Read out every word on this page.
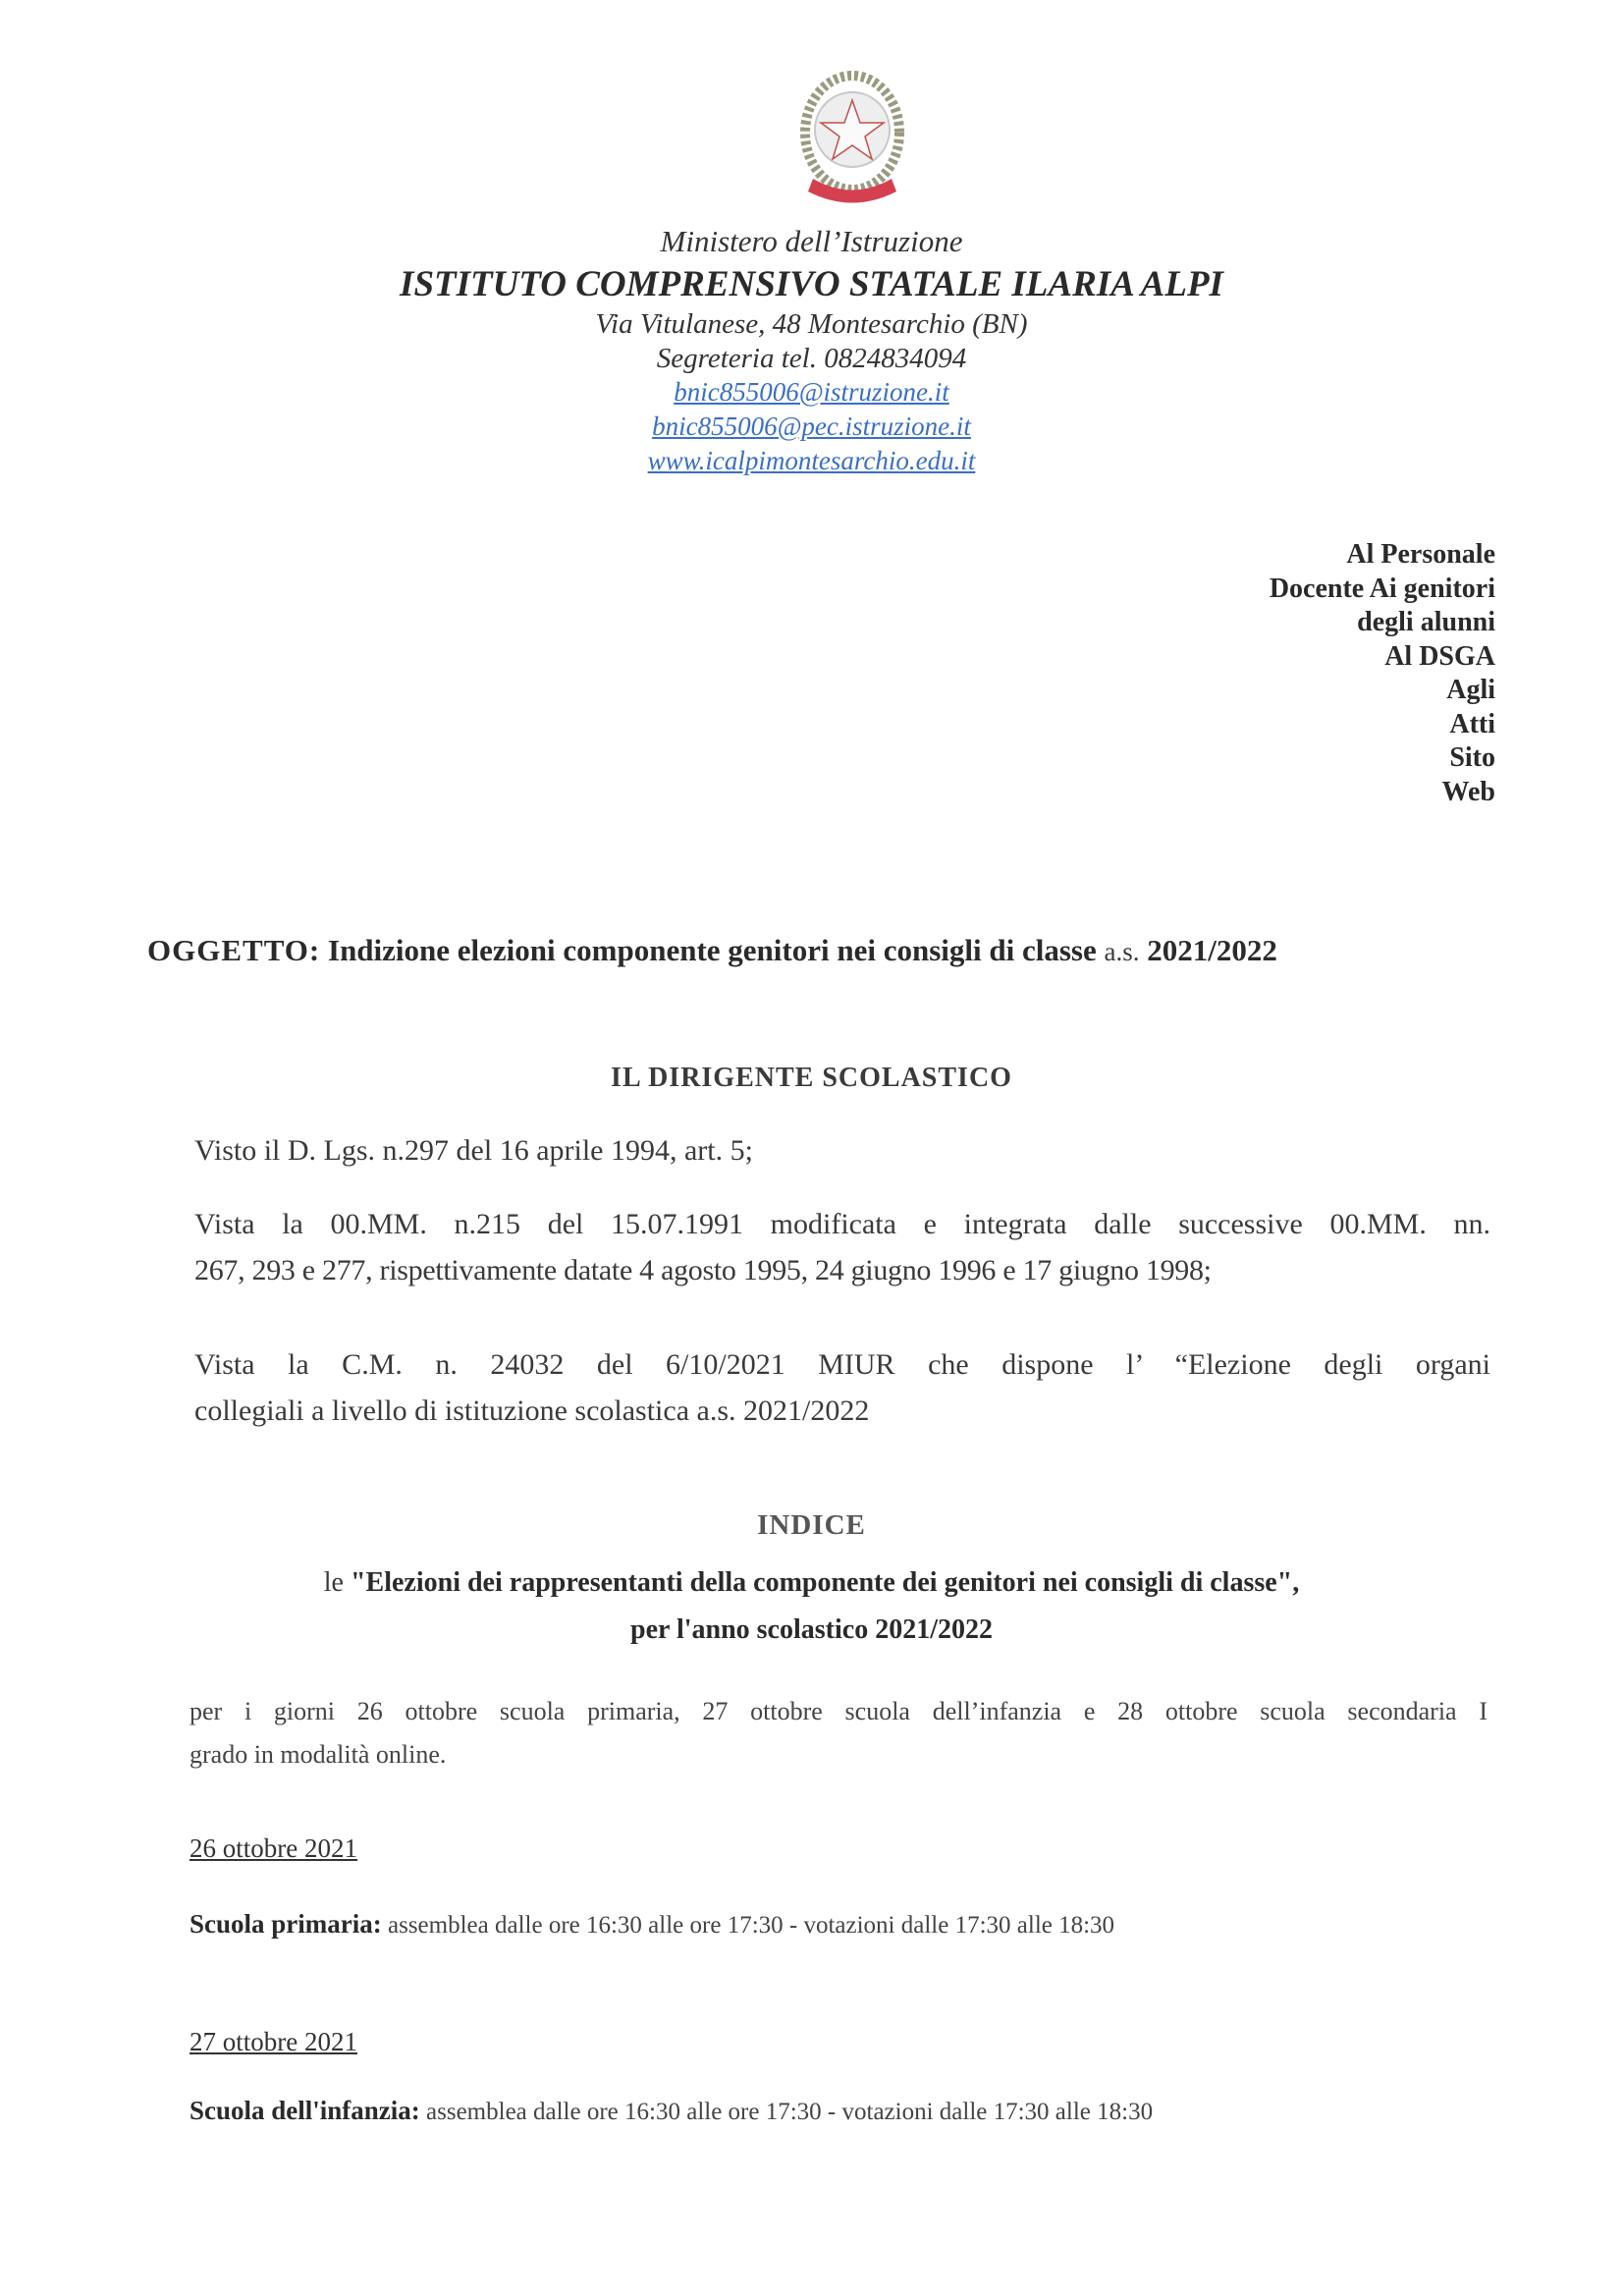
Ministero dell’Istruzione
ISTITUTO COMPRENSIVO STATALE ILARIA ALPI
Via Vitulanese, 48 Montesarchio (BN)
Segreteria tel. 0824834094
bnic855006@istruzione.it
bnic855006@pec.istruzione.it
www.icalpimontesarchio.edu.it
Al Personale
Docente Ai genitori
degli alunni
Al DSGA
Agli
Atti
Sito
Web
OGGETTO: Indizione elezioni componente genitori nei consigli di classe a.s. 2021/2022
IL DIRIGENTE SCOLASTICO
Visto il D. Lgs. n.297 del 16 aprile 1994, art. 5;
Vista la 00.MM. n.215 del 15.07.1991 modificata e integrata dalle successive 00.MM. nn.
267, 293 e 277, rispettivamente datate 4 agosto 1995, 24 giugno 1996 e 17 giugno 1998;
Vista la C.M. n. 24032 del 6/10/2021 MIUR che dispone l’ “Elezione degli organi
collegiali a livello di istituzione scolastica a.s. 2021/2022
INDICE
le "Elezioni dei rappresentanti della componente dei genitori nei consigli di classe",
per l'anno scolastico 2021/2022
per i giorni 26 ottobre scuola primaria, 27 ottobre scuola dell’infanzia e 28 ottobre scuola secondaria I
grado in modalità online.
26 ottobre 2021
Scuola primaria: assemblea dalle ore 16:30 alle ore 17:30 - votazioni dalle 17:30 alle 18:30
27 ottobre 2021
Scuola dell'infanzia: assemblea dalle ore 16:30 alle ore 17:30 - votazioni dalle 17:30 alle 18:30
